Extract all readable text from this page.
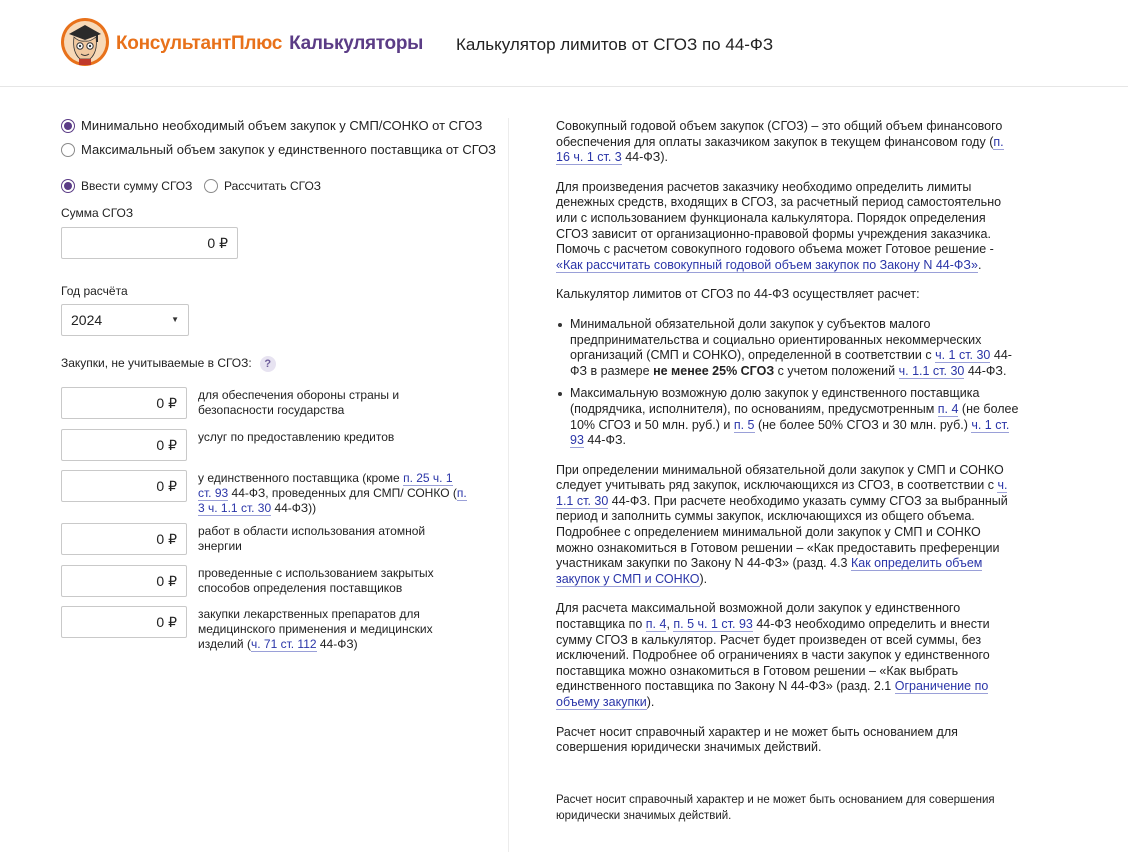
КонсультантПлюс Калькуляторы Калькулятор лимитов от СГОЗ по 44-ФЗ
Минимально необходимый объем закупок у СМП/СОНКО от СГОЗ
Максимальный объем закупок у единственного поставщика от СГОЗ
Ввести сумму СГОЗ	Рассчитать СГОЗ
Сумма СГОЗ
0 ₽
Год расчёта
2024	▼
Закупки, не учитываемые в СГОЗ: ?
0 ₽	для обеспечения обороны страны и безопасности государства
0 ₽	услуг по предоставлению кредитов
0 ₽	у единственного поставщика (кроме п. 25 ч. 1 ст. 93 44-ФЗ, проведенных для СМП/ СОНКО (п. 3 ч. 1.1 ст. 30 44-ФЗ))
0 ₽	работ в области использования атомной энергии
0 ₽	проведенные с использованием закрытых способов определения поставщиков
0 ₽	закупки лекарственных препаратов для медицинского применения и медицинских изделий (ч. 71 ст. 112 44-ФЗ)

Совокупный годовой объем закупок (СГОЗ) – это общий объем финансового обеспечения для оплаты заказчиком закупок в текущем финансовом году (п. 16 ч. 1 ст. 3 44-ФЗ).

Для произведения расчетов заказчику необходимо определить лимиты денежных средств, входящих в СГОЗ, за расчетный период самостоятельно или с использованием функционала калькулятора. Порядок определения СГОЗ зависит от организационно-правовой формы учреждения заказчика. Помочь с расчетом совокупного годового объема может Готовое решение - «Как рассчитать совокупный годовой объем закупок по Закону N 44-ФЗ».

Калькулятор лимитов от СГОЗ по 44-ФЗ осуществляет расчет:

Минимальной обязательной доли закупок у субъектов малого предпринимательства и социально ориентированных некоммерческих организаций (СМП и СОНКО), определенной в соответствии с ч. 1 ст. 30 44-ФЗ в размере не менее 25% СГОЗ с учетом положений ч. 1.1 ст. 30 44-ФЗ.
Максимальную возможную долю закупок у единственного поставщика (подрядчика, исполнителя), по основаниям, предусмотренным п. 4 (не более 10% СГОЗ и 50 млн. руб.) и п. 5 (не более 50% СГОЗ и 30 млн. руб.) ч. 1 ст. 93 44-ФЗ.

При определении минимальной обязательной доли закупок у СМП и СОНКО следует учитывать ряд закупок, исключающихся из СГОЗ, в соответствии с ч. 1.1 ст. 30 44-ФЗ. При расчете необходимо указать сумму СГОЗ за выбранный период и заполнить суммы закупок, исключающихся из общего объема. Подробнее с определением минимальной доли закупок у СМП и СОНКО можно ознакомиться в Готовом решении – «Как предоставить преференции участникам закупки по Закону N 44-ФЗ» (разд. 4.3 Как определить объем закупок у СМП и СОНКО).

Для расчета максимальной возможной доли закупок у единственного поставщика по п. 4, п. 5 ч. 1 ст. 93 44-ФЗ необходимо определить и внести сумму СГОЗ в калькулятор. Расчет будет произведен от всей суммы, без исключений. Подробнее об ограничениях в части закупок у единственного поставщика можно ознакомиться в Готовом решении – «Как выбрать единственного поставщика по Закону N 44-ФЗ» (разд. 2.1 Ограничение по объему закупки).

Расчет носит справочный характер и не может быть основанием для совершения юридически значимых действий.

Расчет носит справочный характер и не может быть основанием для совершения юридически значимых действий.
